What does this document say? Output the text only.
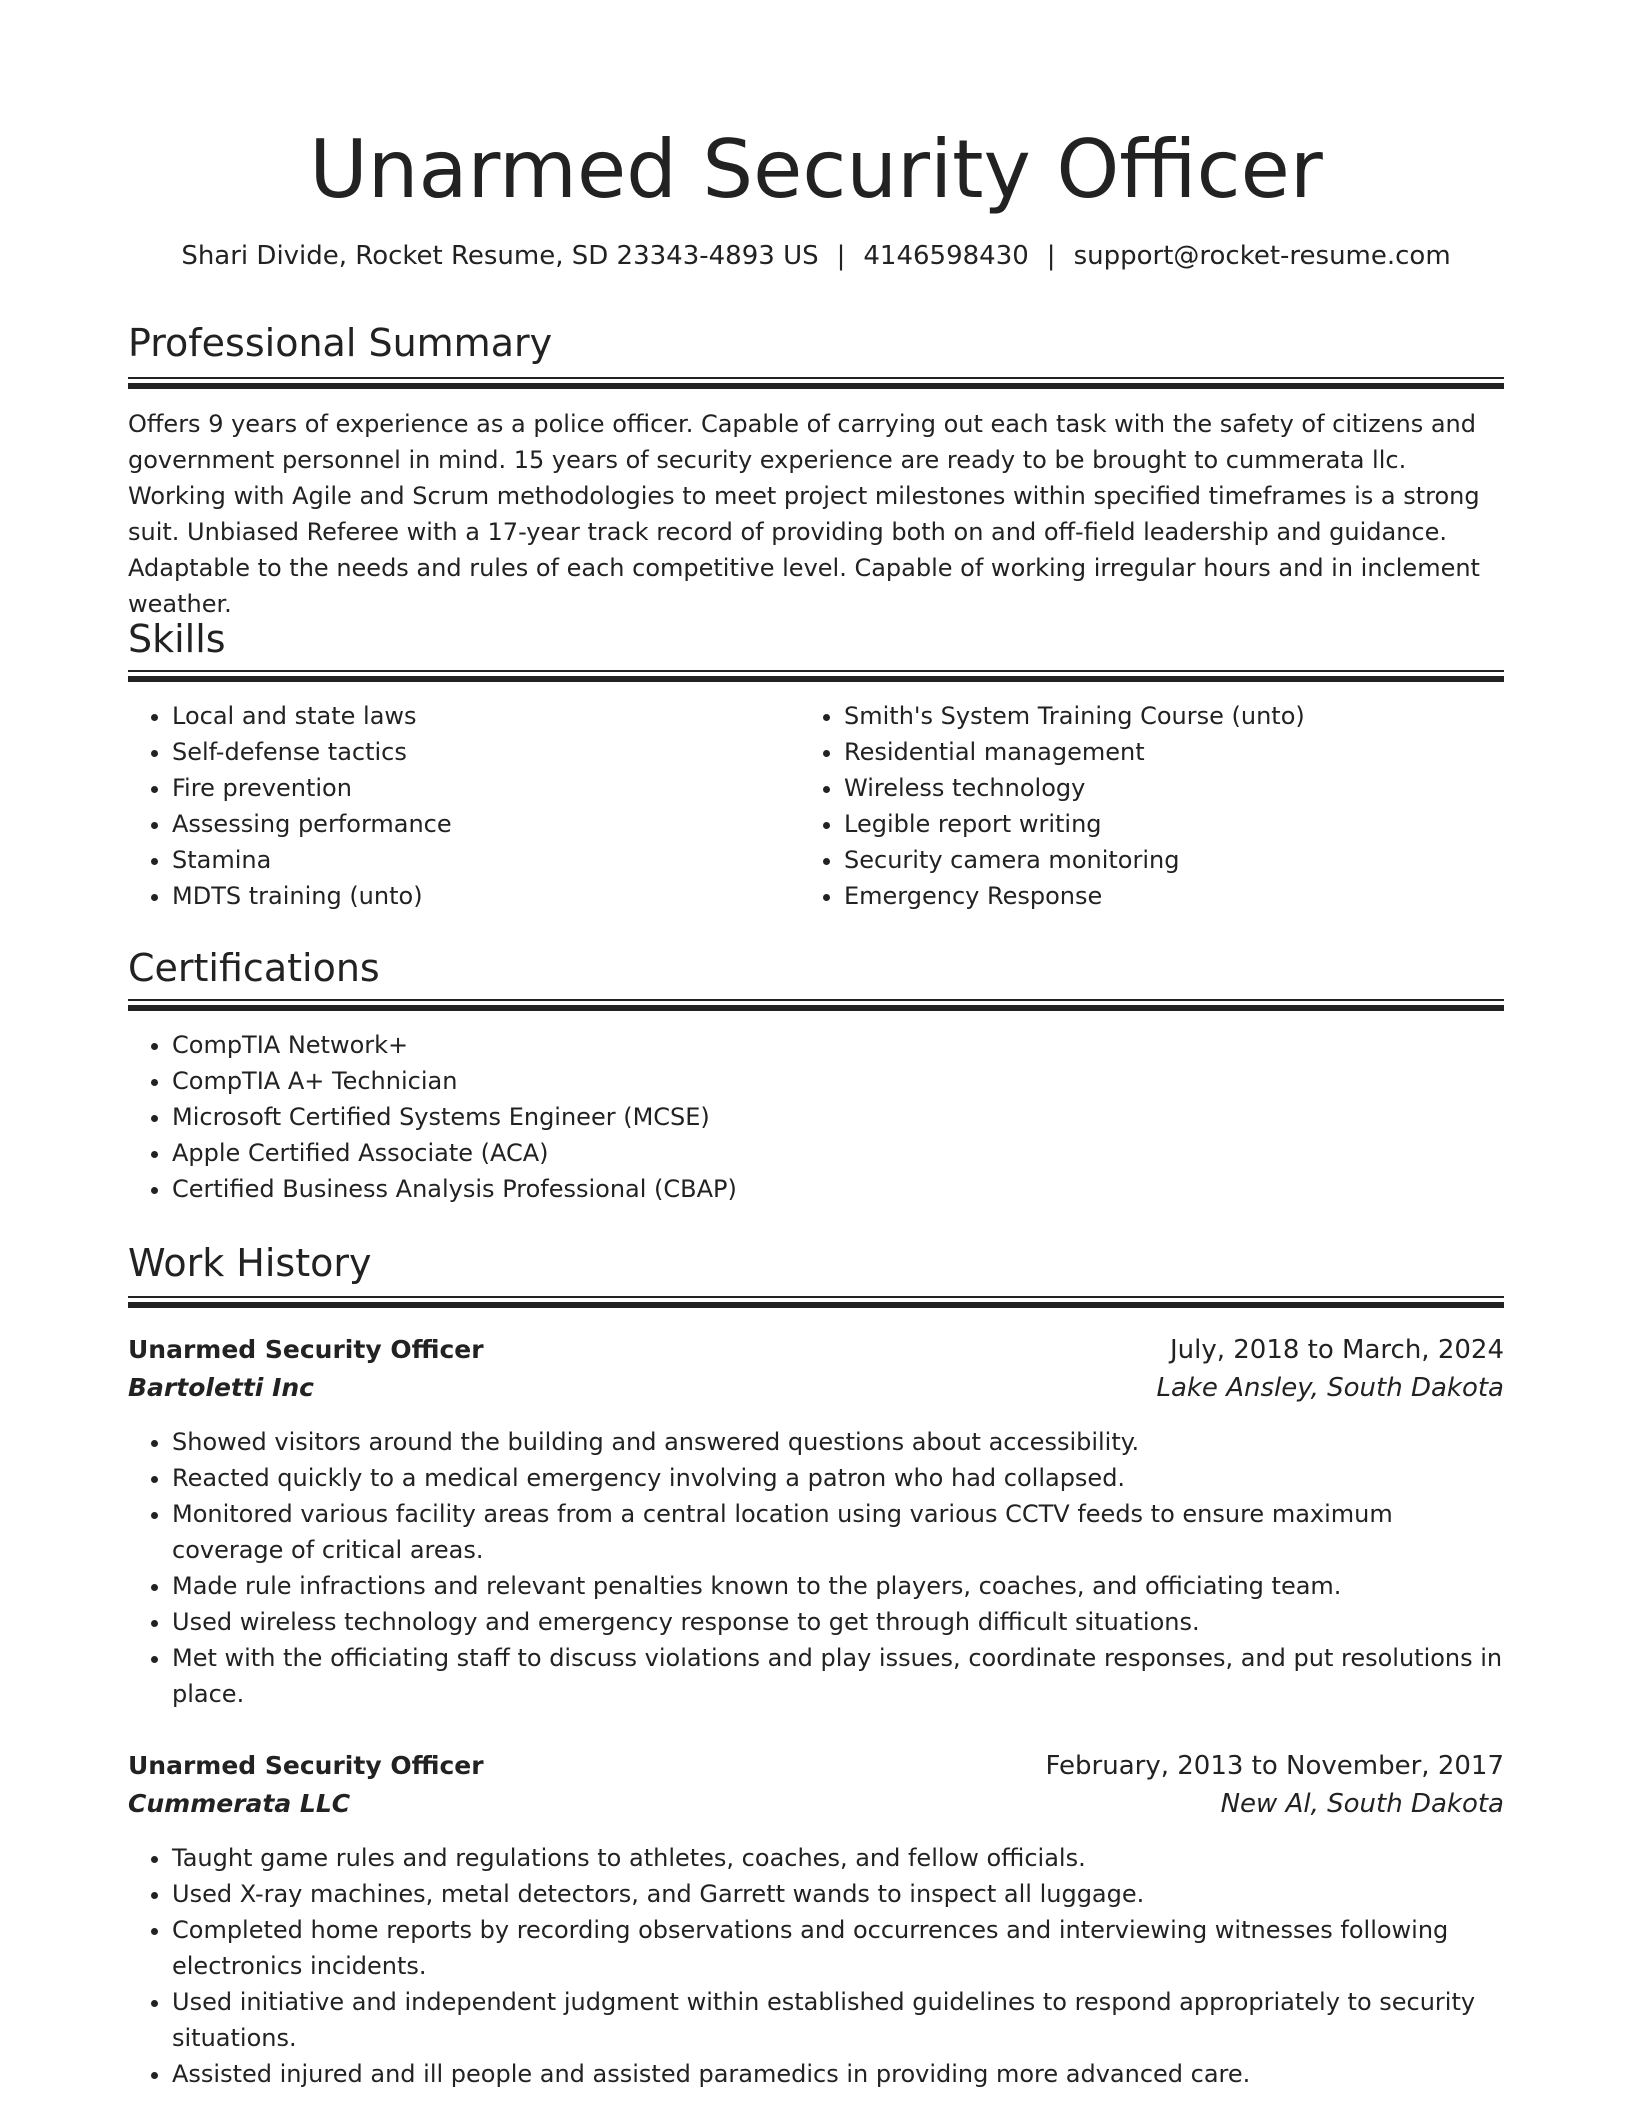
Unarmed Security Officer
Shari Divide, Rocket Resume, SD 23343-4893 US | 4146598430 | support@rocket-resume.com
Professional Summary

Offers 9 years of experience as a police officer. Capable of carrying out each task with the safety of citizens and government personnel in mind. 15 years of security experience are ready to be brought to cummerata llc. Working with Agile and Scrum methodologies to meet project milestones within specified timeframes is a strong suit. Unbiased Referee with a 17-year track record of providing both on and off-field leadership and guidance. Adaptable to the needs and rules of each competitive level. Capable of working irregular hours and in inclement weather.

Skills
• Local and state laws
• Self-defense tactics
• Fire prevention
• Assessing performance
• Stamina
• MDTS training (unto)
• Smith's System Training Course (unto)
• Residential management
• Wireless technology
• Legible report writing
• Security camera monitoring
• Emergency Response
Certifications
• CompTIA Network+
• CompTIA A+ Technician
• Microsoft Certified Systems Engineer (MCSE)
• Apple Certified Associate (ACA)
• Certified Business Analysis Professional (CBAP)
Work History
Unarmed Security Officer	July, 2018 to March, 2024
Bartoletti Inc	Lake Ansley, South Dakota
• Showed visitors around the building and answered questions about accessibility.
• Reacted quickly to a medical emergency involving a patron who had collapsed.
• Monitored various facility areas from a central location using various CCTV feeds to ensure maximum coverage of critical areas.
• Made rule infractions and relevant penalties known to the players, coaches, and officiating team.
• Used wireless technology and emergency response to get through difficult situations.
• Met with the officiating staff to discuss violations and play issues, coordinate responses, and put resolutions in place.
Unarmed Security Officer	February, 2013 to November, 2017
Cummerata LLC	New Al, South Dakota
• Taught game rules and regulations to athletes, coaches, and fellow officials.
• Used X-ray machines, metal detectors, and Garrett wands to inspect all luggage.
• Completed home reports by recording observations and occurrences and interviewing witnesses following electronics incidents.
• Used initiative and independent judgment within established guidelines to respond appropriately to security situations.
• Assisted injured and ill people and assisted paramedics in providing more advanced care.
